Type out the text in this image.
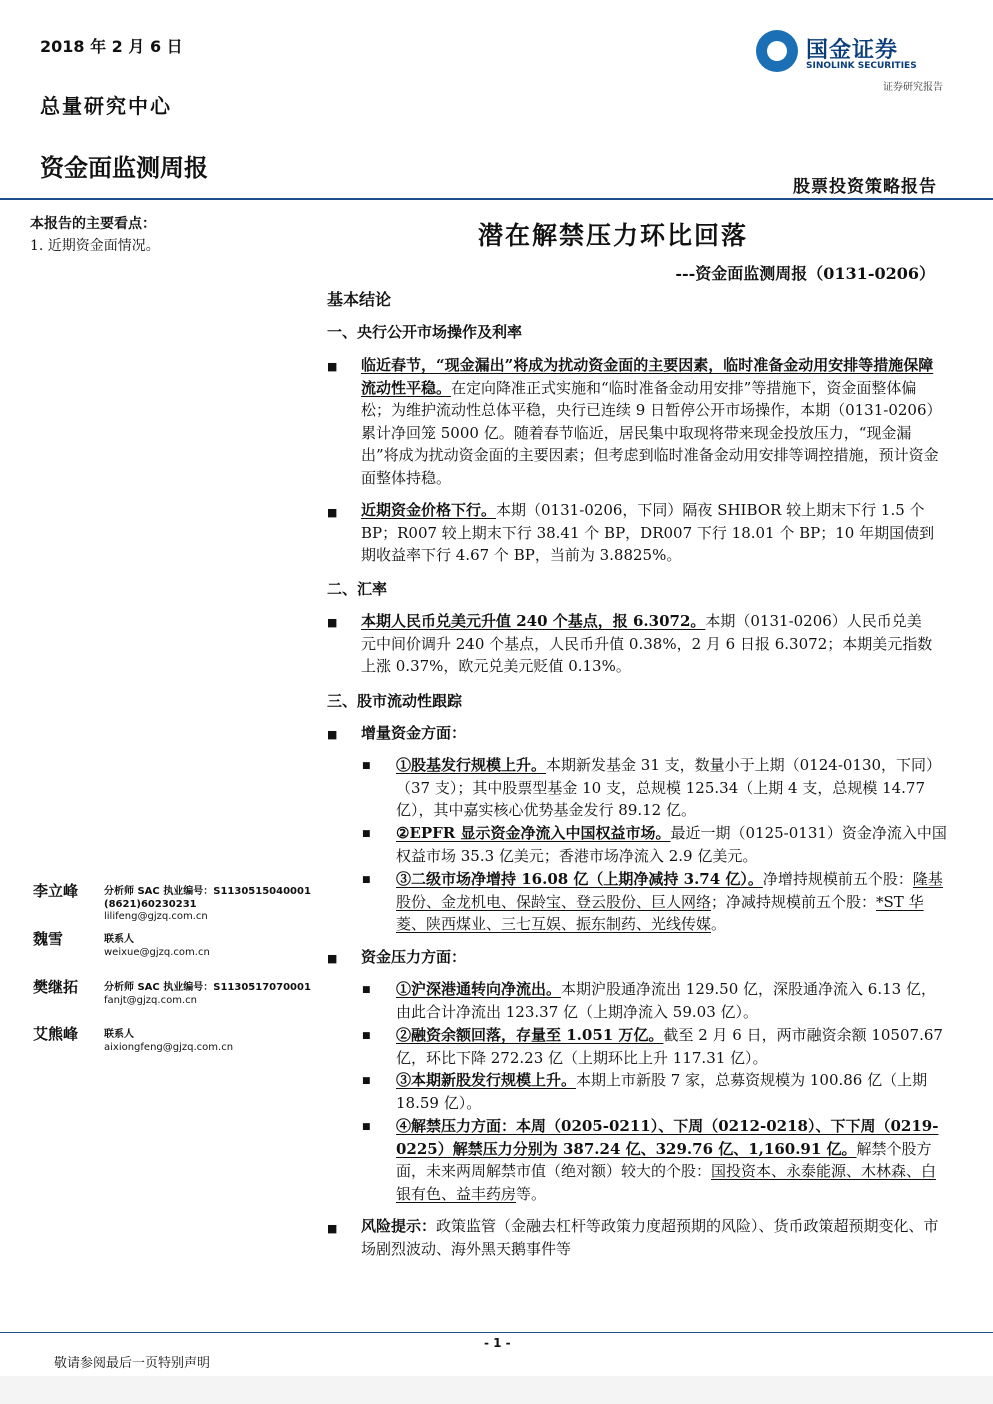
2018 年 2 月 6 日
总量研究中心
资金面监测周报
国金证券
SINOLINK SECURITIES
证券研究报告
股票投资策略报告
本报告的主要看点：
1. 近期资金面情况。
李立峰	分析师 SAC 执业编号：S1130515040001
(8621)60230231
lilifeng@gjzq.com.cn
魏雪	联系人
weixue@gjzq.com.cn
樊继拓	分析师 SAC 执业编号：S1130517070001
fanjt@gjzq.com.cn
艾熊峰	联系人
aixiongfeng@gjzq.com.cn
潜在解禁压力环比回落
---资金面监测周报（0131-0206）
基本结论
一、央行公开市场操作及利率
■ 临近春节，“现金漏出”将成为扰动资金面的主要因素，临时准备金动用安排等措施保障流动性平稳。在定向降准正式实施和“临时准备金动用安排”等措施下，资金面整体偏松；为维护流动性总体平稳，央行已连续 9 日暂停公开市场操作，本期（0131-0206）累计净回笼 5000 亿。随着春节临近，居民集中取现将带来现金投放压力，“现金漏出”将成为扰动资金面的主要因素；但考虑到临时准备金动用安排等调控措施，预计资金面整体持稳。
■ 近期资金价格下行。本期（0131-0206，下同）隔夜 SHIBOR 较上期末下行 1.5 个 BP；R007 较上期末下行 38.41 个 BP，DR007 下行 18.01 个 BP；10 年期国债到期收益率下行 4.67 个 BP，当前为 3.8825%。
二、汇率
■ 本期人民币兑美元升值 240 个基点，报 6.3072。本期（0131-0206）人民币兑美元中间价调升 240 个基点，人民币升值 0.38%，2 月 6 日报 6.3072；本期美元指数上涨 0.37%，欧元兑美元贬值 0.13%。
三、股市流动性跟踪
■ 增量资金方面：
■ ①股基发行规模上升。本期新发基金 31 支，数量小于上期（0124-0130，下同）（37 支）；其中股票型基金 10 支，总规模 125.34（上期 4 支，总规模 14.77 亿），其中嘉实核心优势基金发行 89.12 亿。
■ ②EPFR 显示资金净流入中国权益市场。最近一期（0125-0131）资金净流入中国权益市场 35.3 亿美元；香港市场净流入 2.9 亿美元。
■ ③二级市场净增持 16.08 亿（上期净减持 3.74 亿）。净增持规模前五个股：隆基股份、金龙机电、保龄宝、登云股份、巨人网络；净减持规模前五个股：*ST 华菱、陕西煤业、三七互娱、振东制药、光线传媒。
■ 资金压力方面：
■ ①沪深港通转向净流出。本期沪股通净流出 129.50 亿，深股通净流入 6.13 亿，由此合计净流出 123.37 亿（上期净流入 59.03 亿）。
■ ②融资余额回落，存量至 1.051 万亿。截至 2 月 6 日，两市融资余额 10507.67 亿，环比下降 272.23 亿（上期环比上升 117.31 亿）。
■ ③本期新股发行规模上升。本期上市新股 7 家，总募资规模为 100.86 亿（上期 18.59 亿）。
■ ④解禁压力方面：本周（0205-0211）、下周（0212-0218）、下下周（0219-0225）解禁压力分别为 387.24 亿、329.76 亿、1,160.91 亿。解禁个股方面，未来两周解禁市值（绝对额）较大的个股：国投资本、永泰能源、木林森、白银有色、益丰药房等。
■ 风险提示：政策监管（金融去杠杆等政策力度超预期的风险）、货币政策超预期变化、市场剧烈波动、海外黑天鹅事件等
- 1 -
敬请参阅最后一页特别声明
